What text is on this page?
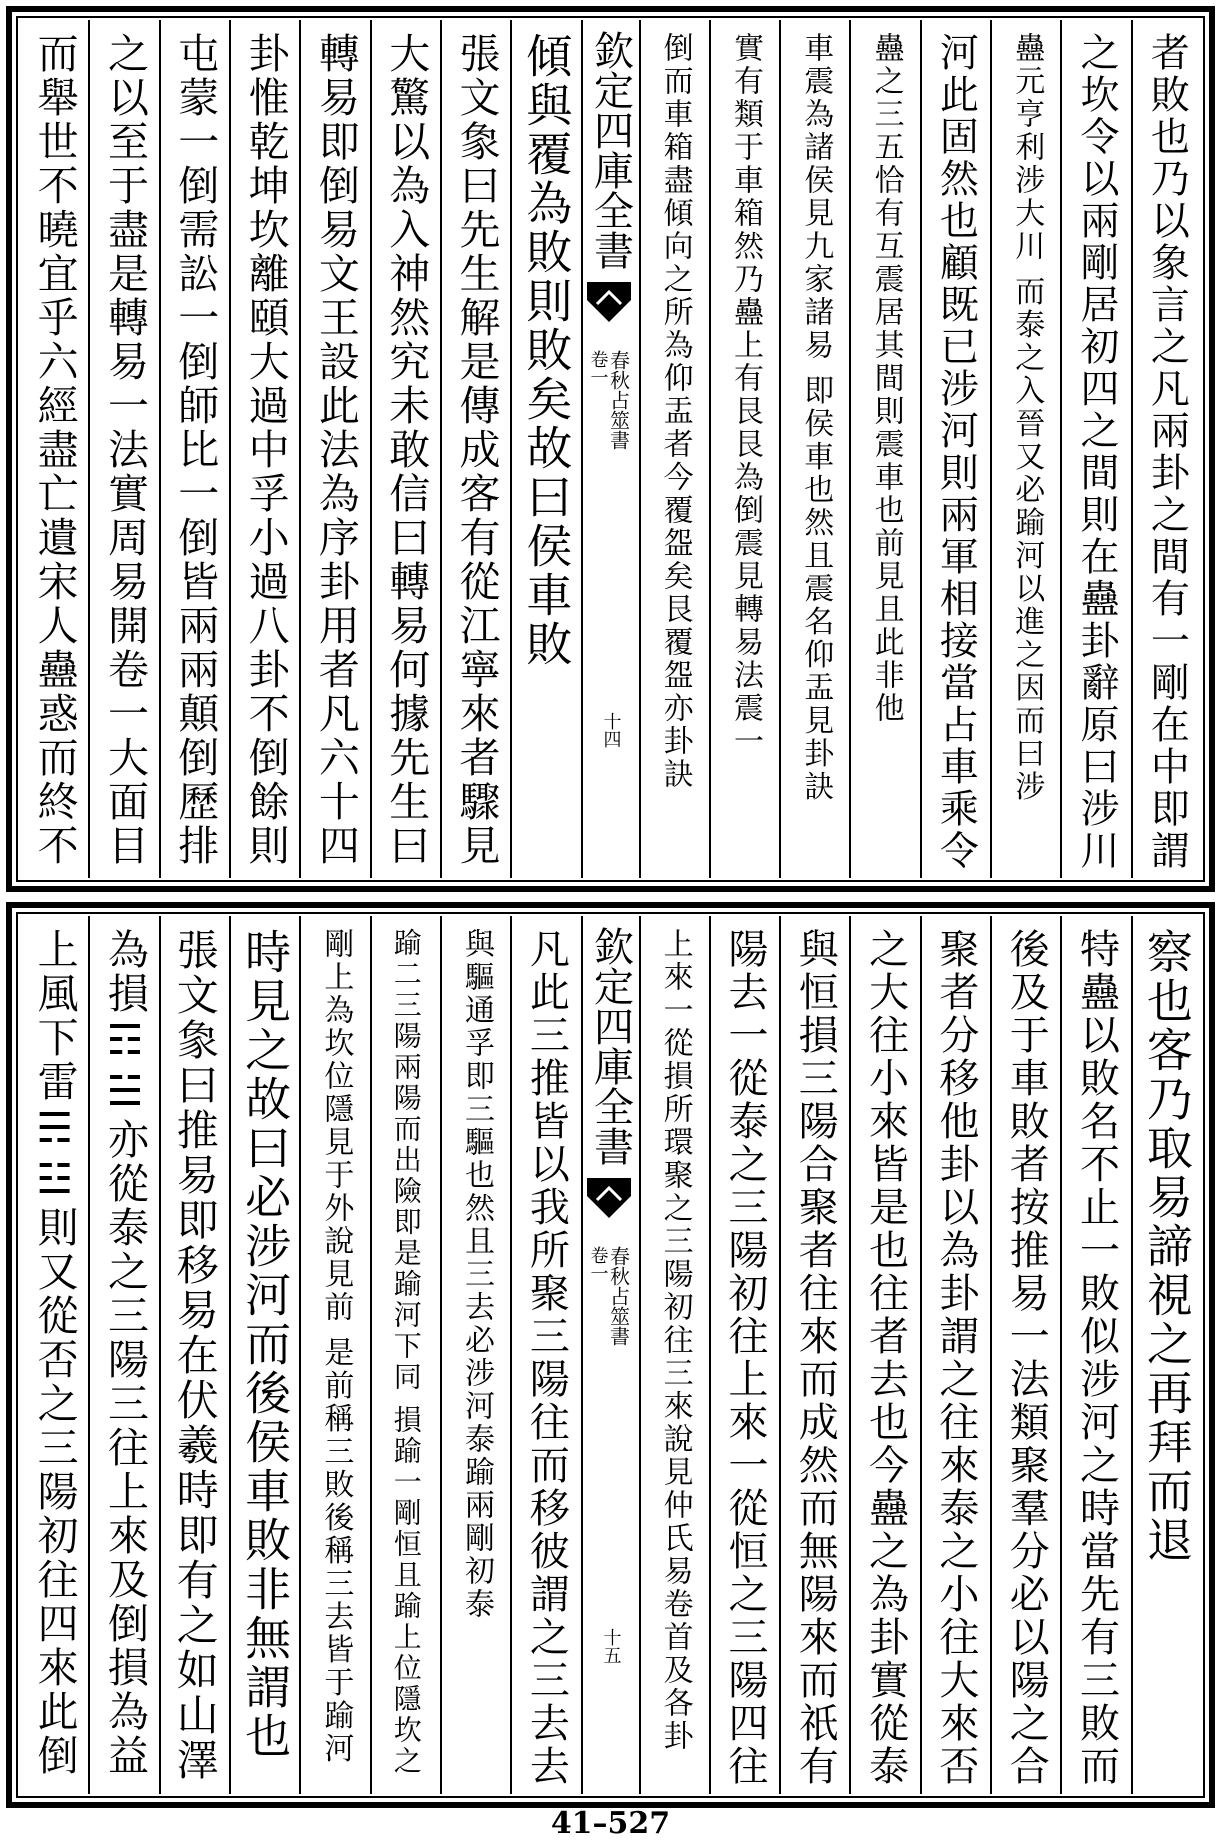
者敗也乃以象言之凡兩卦之間有一剛在中即謂
之坎令以兩剛居初四之間則在蠱卦辭原曰涉川
蠱元亨利涉大川 而泰之入晉又必踰河以進之因而曰涉
河此固然也顧既已涉河則兩軍相接當占車乘令
蠱之三五恰有互震居其間則震車也前見且此非他
車震為諸侯見九家諸易 即侯車也然且震名仰盂見卦訣
實有類于車箱然乃蠱上有艮艮為倒震見轉易法震一
倒而車箱盡傾向之所為仰盂者今覆盌矣艮覆盌亦卦訣
欽定四庫全書
春秋占筮書
卷一
十四
傾與覆為敗則敗矣故曰侯車敗
張文𧰼曰先生解是傳成客有從江寧來者驟見
大驚以為入神然究未敢信曰轉易何據先生曰
轉易即倒易文王設此法為序卦用者凡六十四
卦惟乾坤坎離頤大過中孚小過八卦不倒餘則
屯蒙一倒需訟一倒師比一倒皆兩兩顛倒歷排
之以至于盡是轉易一法實周易開卷一大面目
而舉世不曉宜乎六經盡亡遺宋人蠱惑而終不
察也客乃取易諦視之再拜而退
特蠱以敗名不止一敗似涉河之時當先有三敗而
後及于車敗者按推易一法類聚羣分必以陽之合
聚者分移他卦以為卦謂之往來泰之小往大來否
之大往小來皆是也往者去也今蠱之為卦實從泰
與恒損三陽合聚者往來而成然而無陽來而祇有
陽去一從泰之三陽初往上來一從恒之三陽四往
上來一從損所環聚之三陽初往三來說見仲氏易卷首及各卦
欽定四庫全書
春秋占筮書
卷一
十五
凡此三推皆以我所聚三陽往而移彼謂之三去去
與驅通孚即三驅也然且三去必涉河泰踰兩剛初泰
踰二三陽兩陽而出險即是踰河下同 損踰一剛恒且踰上位隱坎之
剛上為坎位隱見于外說見前 是前稱三敗後稱三去皆于踰河
時見之故曰必涉河而後侯車敗非無謂也
張文𧰼曰推易即移易在伏羲時即有之如山澤
為損☶☱亦從泰之三陽三往上來及倒損為益
上風下雷☴☳則又從否之三陽初往四來此倒
41–527
